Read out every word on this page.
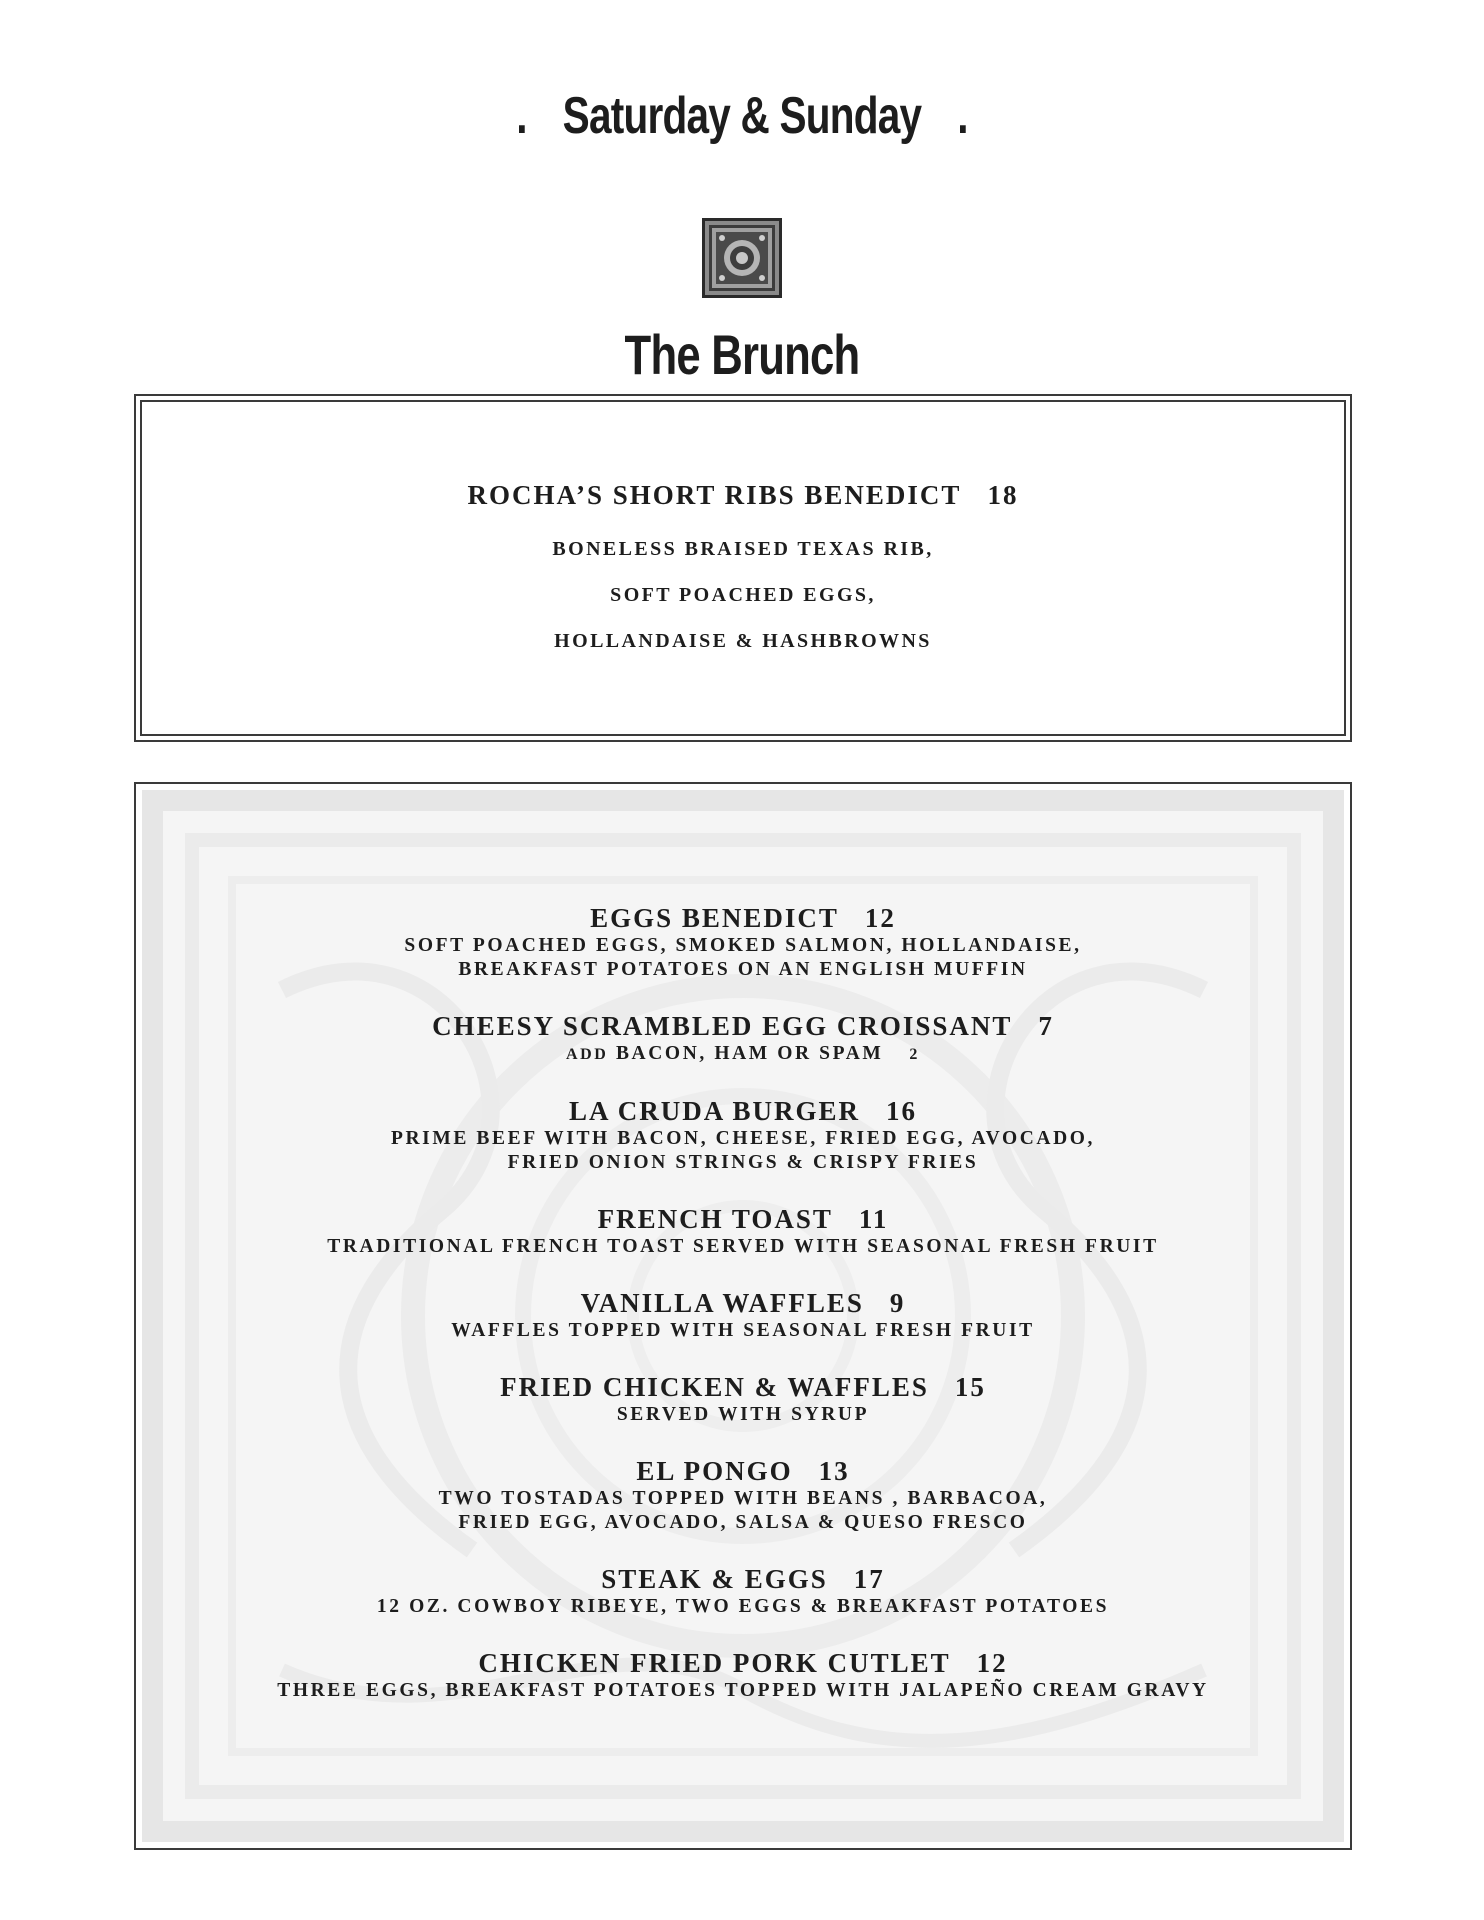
. Saturday & Sunday .
The Brunch
ROCHA’S SHORT RIBS BENEDICT 18
BONELESS BRAISED TEXAS RIB,
SOFT POACHED EGGS,
HOLLANDAISE & HASHBROWNS
EGGS BENEDICT 12
SOFT POACHED EGGS, SMOKED SALMON, HOLLANDAISE,
BREAKFAST POTATOES ON AN ENGLISH MUFFIN
CHEESY SCRAMBLED EGG CROISSANT 7
ADD BACON, HAM OR SPAM 2
LA CRUDA BURGER 16
PRIME BEEF WITH BACON, CHEESE, FRIED EGG, AVOCADO,
FRIED ONION STRINGS & CRISPY FRIES
FRENCH TOAST 11
TRADITIONAL FRENCH TOAST SERVED WITH SEASONAL FRESH FRUIT
VANILLA WAFFLES 9
WAFFLES TOPPED WITH SEASONAL FRESH FRUIT
FRIED CHICKEN & WAFFLES 15
SERVED WITH SYRUP
EL PONGO 13
TWO TOSTADAS TOPPED WITH BEANS , BARBACOA,
FRIED EGG, AVOCADO, SALSA & QUESO FRESCO
STEAK & EGGS 17
12 OZ. COWBOY RIBEYE, TWO EGGS & BREAKFAST POTATOES
CHICKEN FRIED PORK CUTLET 12
THREE EGGS, BREAKFAST POTATOES TOPPED WITH JALAPEÑO CREAM GRAVY
